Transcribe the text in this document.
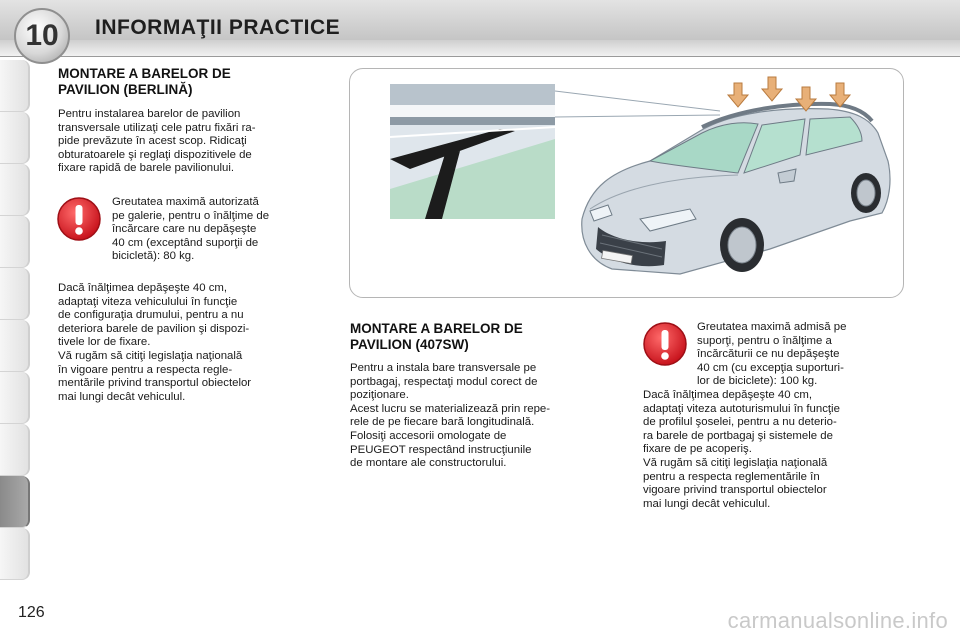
10	INFORMAŢII PRACTICE
MONTARE A BARELOR DE
PAVILION (BERLINĂ)
Pentru instalarea barelor de pavilion
transversale utilizaţi cele patru fixări ra-
pide prevăzute în acest scop. Ridicaţi
obturatoarele şi reglaţi dispozitivele de
fixare rapidă de barele pavilionului.
Greutatea maximă autorizată
pe galerie, pentru o înălţime de
încărcare care nu depăşeşte
40 cm (exceptând suporţii de
bicicletă): 80 kg.
Dacă înălţimea depăşeşte 40 cm,
adaptaţi viteza vehiculului în funcţie
de configuraţia drumului, pentru a nu
deteriora barele de pavilion şi dispozi-
tivele lor de fixare.
Vă rugăm să citiţi legislaţia naţională
în vigoare pentru a respecta regle-
mentările privind transportul obiectelor
mai lungi decât vehiculul.
MONTARE A BARELOR DE
PAVILION (407SW)
Pentru a instala bare transversale pe
portbagaj, respectaţi modul corect de
poziţionare.
Acest lucru se materializează prin repe-
rele de pe fiecare bară longitudinală.
Folosiţi accesorii omologate de
PEUGEOT respectând instrucţiunile
de montare ale constructorului.
Greutatea maximă admisă pe
suporţi, pentru o înălţime a
încărcăturii ce nu depăşeşte
40 cm (cu excepţia suporturi-
lor de biciclete): 100 kg.
Dacă înălţimea depăşeşte 40 cm,
adaptaţi viteza autoturismului în funcţie
de profilul şoselei, pentru a nu deterio-
ra barele de portbagaj şi sistemele de
fixare de pe acoperiş.
Vă rugăm să citiţi legislaţia naţională
pentru a respecta reglementările în
vigoare privind transportul obiectelor
mai lungi decât vehiculul.
126	carmanualsonline.info
